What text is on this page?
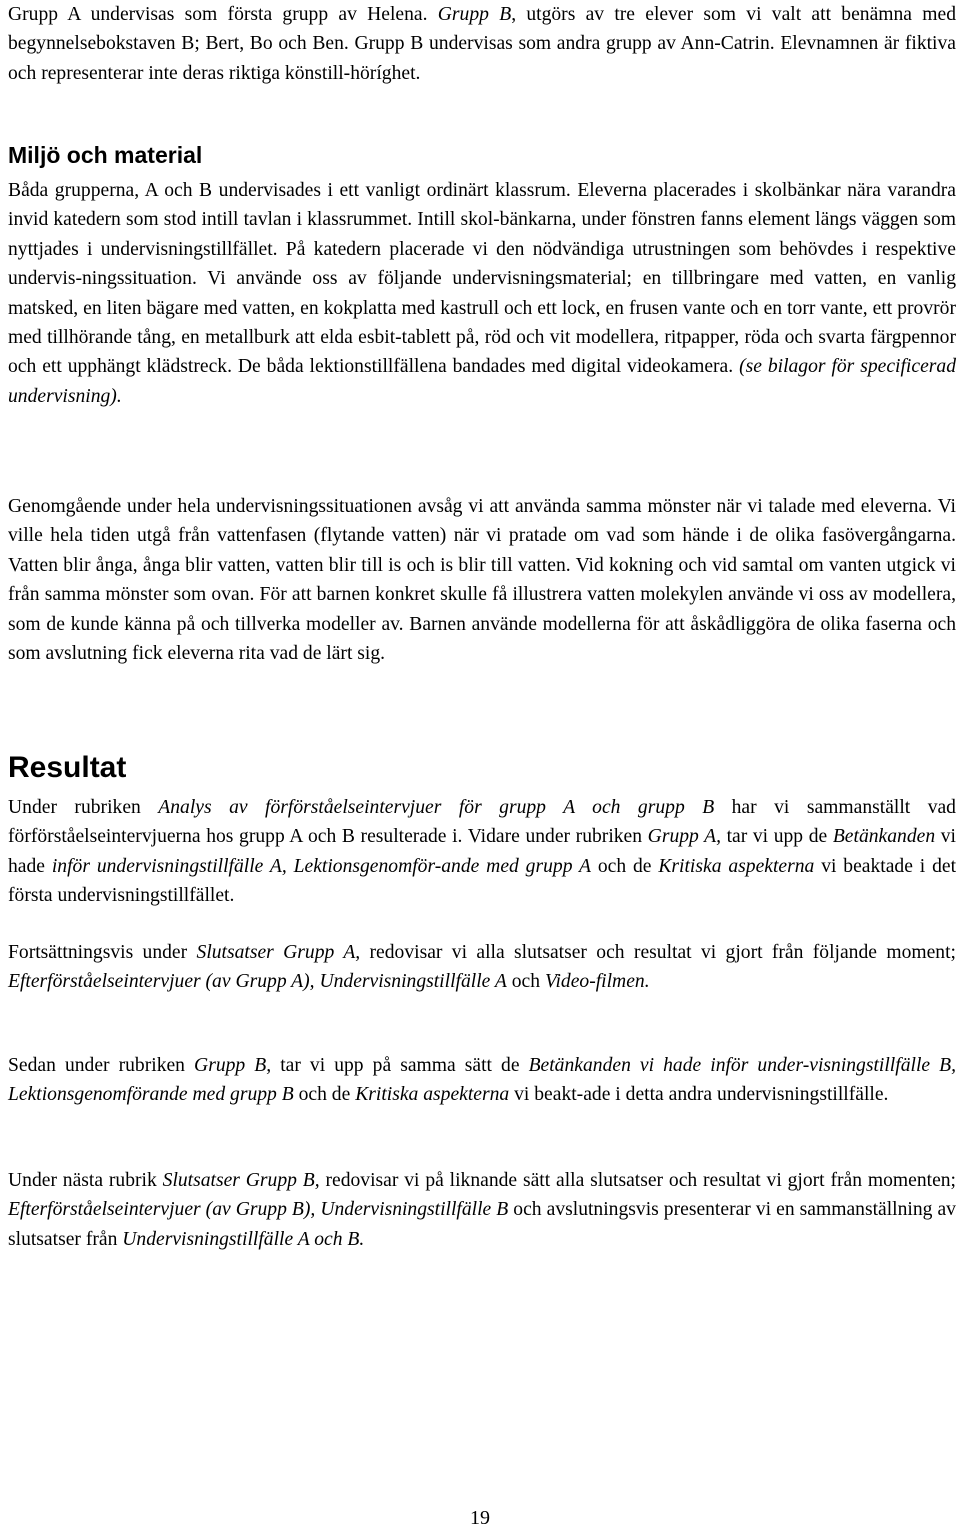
Grupp A undervisas som första grupp av Helena. Grupp B, utgörs av tre elever som vi valt att benämna med begynnelsebokstaven B; Bert, Bo och Ben. Grupp B undervisas som andra grupp av Ann-Catrin. Elevnamnen är fiktiva och representerar inte deras riktiga könstill-höríghet.

Miljö och material

Båda grupperna, A och B undervisades i ett vanligt ordinärt klassrum. Eleverna placerades i skolbänkar nära varandra invid katedern som stod intill tavlan i klassrummet. Intill skol-bänkarna, under fönstren fanns element längs väggen som nyttjades i undervisningstillfället. På katedern placerade vi den nödvändiga utrustningen som behövdes i respektive undervis-ningssituation. Vi använde oss av följande undervisningsmaterial; en tillbringare med vatten, en vanlig matsked, en liten bägare med vatten, en kokplatta med kastrull och ett lock, en frusen vante och en torr vante, ett provrör med tillhörande tång, en metallburk att elda esbit-tablett på, röd och vit modellera, ritpapper, röda och svarta färgpennor och ett upphängt klädstreck. De båda lektionstillfällena bandades med digital videokamera. (se bilagor för specificerad undervisning).

Genomgående under hela undervisningssituationen avsåg vi att använda samma mönster när vi talade med eleverna. Vi ville hela tiden utgå från vattenfasen (flytande vatten) när vi pratade om vad som hände i de olika fasövergångarna. Vatten blir ånga, ånga blir vatten, vatten blir till is och is blir till vatten. Vid kokning och vid samtal om vanten utgick vi från samma mönster som ovan. För att barnen konkret skulle få illustrera vatten molekylen använde vi oss av modellera, som de kunde känna på och tillverka modeller av. Barnen använde modellerna för att åskådliggöra de olika faserna och som avslutning fick eleverna rita vad de lärt sig.

Resultat

Under rubriken Analys av förförståelseintervjuer för grupp A och grupp B har vi sammanställt vad förförståelseintervjuerna hos grupp A och B resulterade i. Vidare under rubriken Grupp A, tar vi upp de Betänkanden vi hade inför undervisningstillfälle A, Lektionsgenomför-ande med grupp A och de Kritiska aspekterna vi beaktade i det första undervisningstillfället.

Fortsättningsvis under Slutsatser Grupp A, redovisar vi alla slutsatser och resultat vi gjort från följande moment; Efterförståelseintervjuer (av Grupp A), Undervisningstillfälle A och Video-filmen.

Sedan under rubriken Grupp B, tar vi upp på samma sätt de Betänkanden vi hade inför under-visningstillfälle B, Lektionsgenomförande med grupp B och de Kritiska aspekterna vi beakt-ade i detta andra undervisningstillfälle.

Under nästa rubrik Slutsatser Grupp B, redovisar vi på liknande sätt alla slutsatser och resultat vi gjort från momenten; Efterförståelseintervjuer (av Grupp B), Undervisningstillfälle B och avslutningsvis presenterar vi en sammanställning av slutsatser från Undervisningstillfälle A och B.

19
